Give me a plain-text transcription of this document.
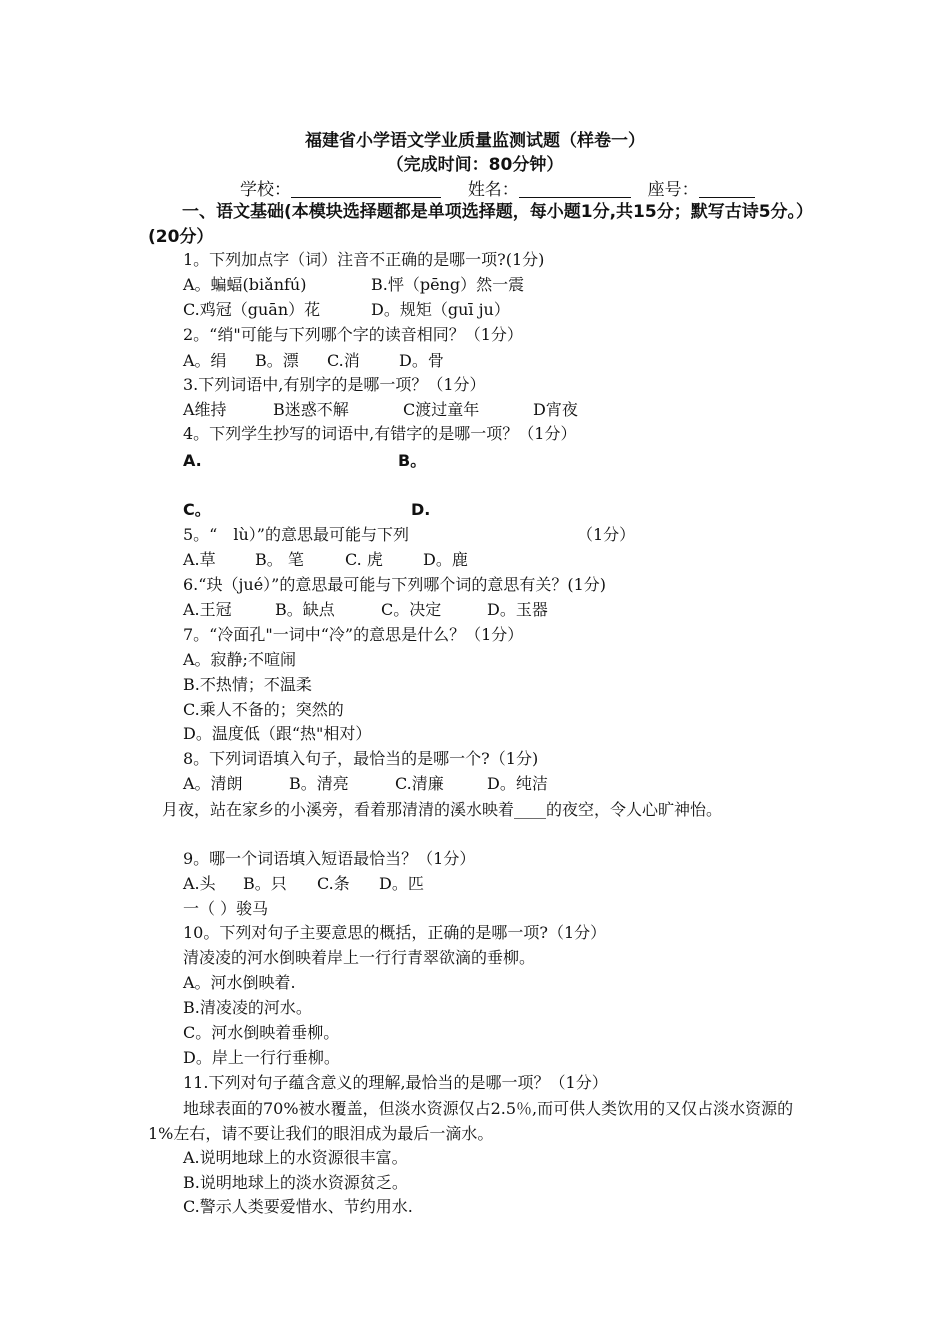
福建省小学语文学业质量监测试题（样卷一）
（完成时间：80分钟）
学校：	姓名：	座号：
一、语文基础(本模块选择题都是单项选择题，每小题1分,共15分；默写古诗5分。）(20分）
1。下列加点字（词）注音不正确的是哪一项?(1分)
A。蝙蝠(biǎnfú)	B.怦（pēng）然一震
C.鸡冠（guān）花	D。规矩（guī ju）
2。“绡"可能与下列哪个字的读音相同？（1分）
A。绢 B。漂 C.消 D。骨
3.下列词语中,有别字的是哪一项？（1分）
A维持	B迷惑不解	C渡过童年	D宵夜
4。下列学生抄写的词语中,有错字的是哪一项？（1分）
A.	B。
C。	D.
5。“　lù）”的意思最可能与下列　　　　　　　　　　　（1分）
A.草 B。 笔	C. 虎	D。鹿
6.“玦（jué）”的意思最可能与下列哪个词的意思有关？(1分)
A.王冠	B。缺点	C。决定	D。玉器
7。“冷面孔"一词中“冷”的意思是什么？（1分）
A。寂静;不喧闹
B.不热情；不温柔
C.乘人不备的；突然的
D。温度低（跟“热"相对）
8。下列词语填入句子，最恰当的是哪一个?（1分)
A。清朗	B。清亮	C.清廉	D。纯洁
月夜，站在家乡的小溪旁，看着那清清的溪水映着____的夜空，令人心旷神怡。
9。哪一个词语填入短语最恰当？（1分）
A.头 B。只 C.条 D。匹
一（ ）骏马
10。下列对句子主要意思的概括，正确的是哪一项?（1分）
清凌凌的河水倒映着岸上一行行青翠欲滴的垂柳。
A。河水倒映着.
B.清凌凌的河水。
C。河水倒映着垂柳。
D。岸上一行行垂柳。
11.下列对句子蕴含意义的理解,最恰当的是哪一项？（1分）
地球表面的70%被水覆盖，但淡水资源仅占2.5％,而可供人类饮用的又仅占淡水资源的1%左右，请不要让我们的眼泪成为最后一滴水。
A.说明地球上的水资源很丰富。
B.说明地球上的淡水资源贫乏。
C.警示人类要爱惜水、节约用水.
